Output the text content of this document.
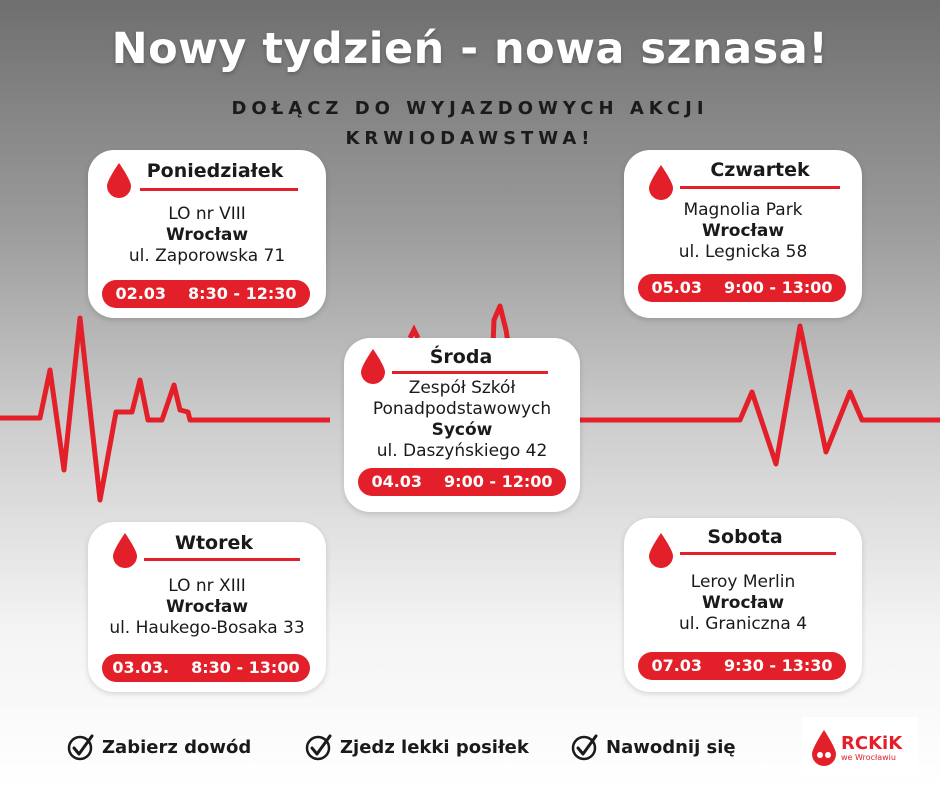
Nowy tydzień - nowa sznasa!
DOŁĄCZ DO WYJAZDOWYCH AKCJI KRWIODAWSTWA!
Poniedziałek
LO nr VIII
Wrocław
ul. Zaporowska 71
02.03 8:30 - 12:30
Czwartek
Magnolia Park
Wrocław
ul. Legnicka 58
05.03 9:00 - 13:00
Środa
Zespół Szkół
Ponadpodstawowych
Syców
ul. Daszyńskiego 42
04.03 9:00 - 12:00
Wtorek
LO nr XIII
Wrocław
ul. Haukego-Bosaka 33
03.03. 8:30 - 13:00
Sobota
Leroy Merlin
Wrocław
ul. Graniczna 4
07.03 9:30 - 13:30
Zabierz dowód	Zjedz lekki posiłek	Nawodnij się	RCKiK
we Wrocławiu
